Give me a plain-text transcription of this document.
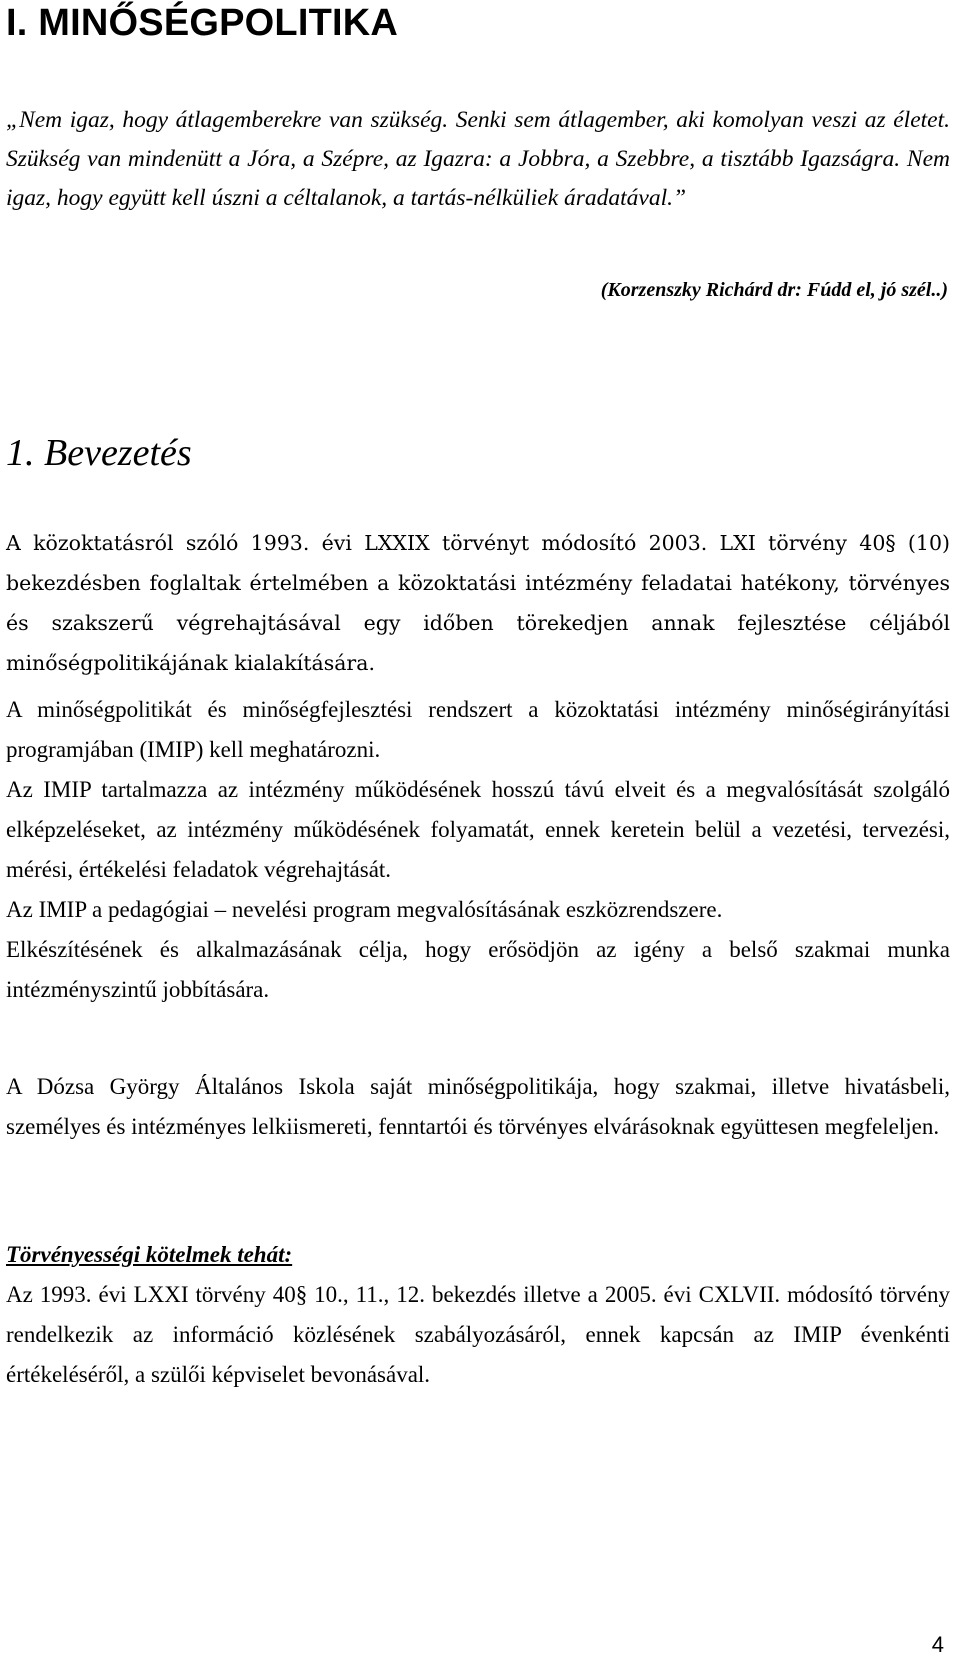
I. MINŐSÉGPOLITIKA

„Nem igaz, hogy átlagemberekre van szükség. Senki sem átlagember, aki komolyan veszi az életet. Szükség van mindenütt a Jóra, a Szépre, az Igazra: a Jobbra, a Szebbre, a tisztább Igazságra. Nem igaz, hogy együtt kell úszni a céltalanok, a tartás-nélküliek áradatával.”

(Korzenszky Richárd dr: Fúdd el, jó szél..)

1. Bevezetés

A közoktatásról szóló 1993. évi LXXIX törvényt módosító 2003. LXI törvény 40§ (10) bekezdésben foglaltak értelmében a közoktatási intézmény feladatai hatékony, törvényes és szakszerű végrehajtásával egy időben törekedjen annak fejlesztése céljából minőségpolitikájának kialakítására.

A minőségpolitikát és minőségfejlesztési rendszert a közoktatási intézmény minőségirányítási programjában (IMIP) kell meghatározni.

Az IMIP tartalmazza az intézmény működésének hosszú távú elveit és a megvalósítását szolgáló elképzeléseket, az intézmény működésének folyamatát, ennek keretein belül a vezetési, tervezési, mérési, értékelési feladatok végrehajtását.

Az IMIP a pedagógiai – nevelési program megvalósításának eszközrendszere.

Elkészítésének és alkalmazásának célja, hogy erősödjön az igény a belső szakmai munka intézményszintű jobbítására.

A Dózsa György Általános Iskola saját minőségpolitikája, hogy szakmai, illetve hivatásbeli, személyes és intézményes lelkiismereti, fenntartói és törvényes elvárásoknak együttesen megfeleljen.

Törvényességi kötelmek tehát:

Az 1993. évi LXXI törvény 40§ 10., 11., 12. bekezdés illetve a 2005. évi CXLVII. módosító törvény rendelkezik az információ közlésének szabályozásáról, ennek kapcsán az IMIP évenkénti értékeléséről, a szülői képviselet bevonásával.

4
